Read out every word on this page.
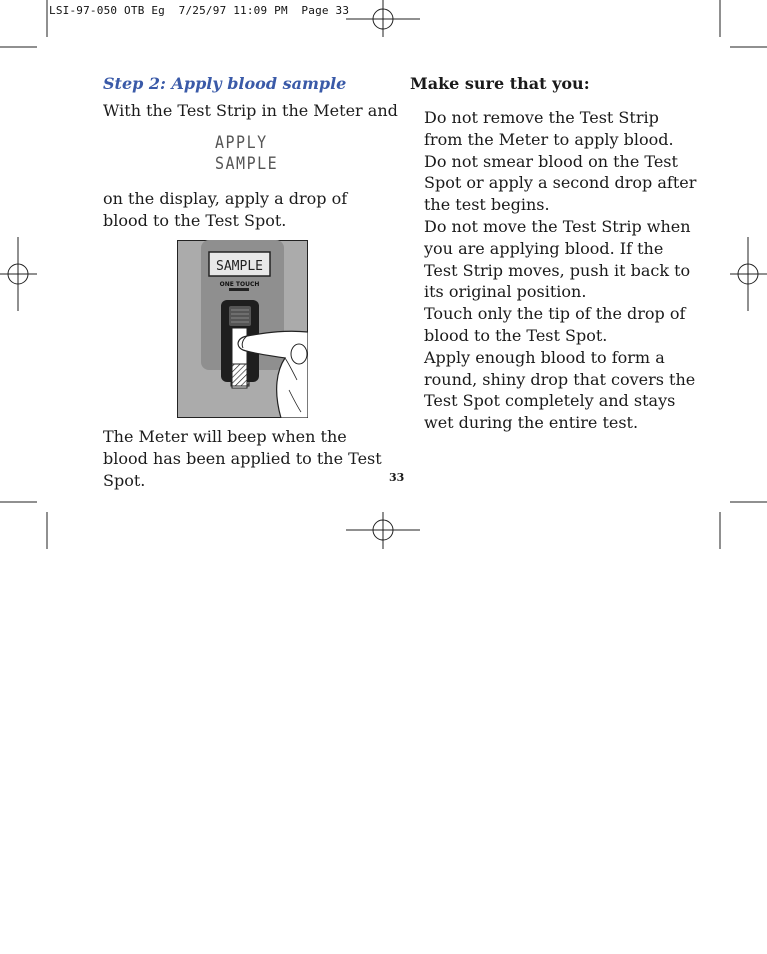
LSI-97-050 OTB Eg  7/25/97 11:09 PM  Page 33
Step 2: Apply blood sample
With the Test Strip in the Meter and
APPLY
SAMPLE
on the display, apply a drop of blood to the Test Spot.
SAMPLE
ONE TOUCH
The Meter will beep when the blood has been applied to the Test Spot.
Make sure that you:
Do not remove the Test Strip from the Meter to apply blood.
Do not smear blood on the Test Spot or apply a second drop after the test begins.
Do not move the Test Strip when you are applying blood. If the Test Strip moves, push it back to its original position.
Touch only the tip of the drop of blood to the Test Spot.
Apply enough blood to form a round, shiny drop that covers the Test Spot completely and stays wet during the entire test.
33
